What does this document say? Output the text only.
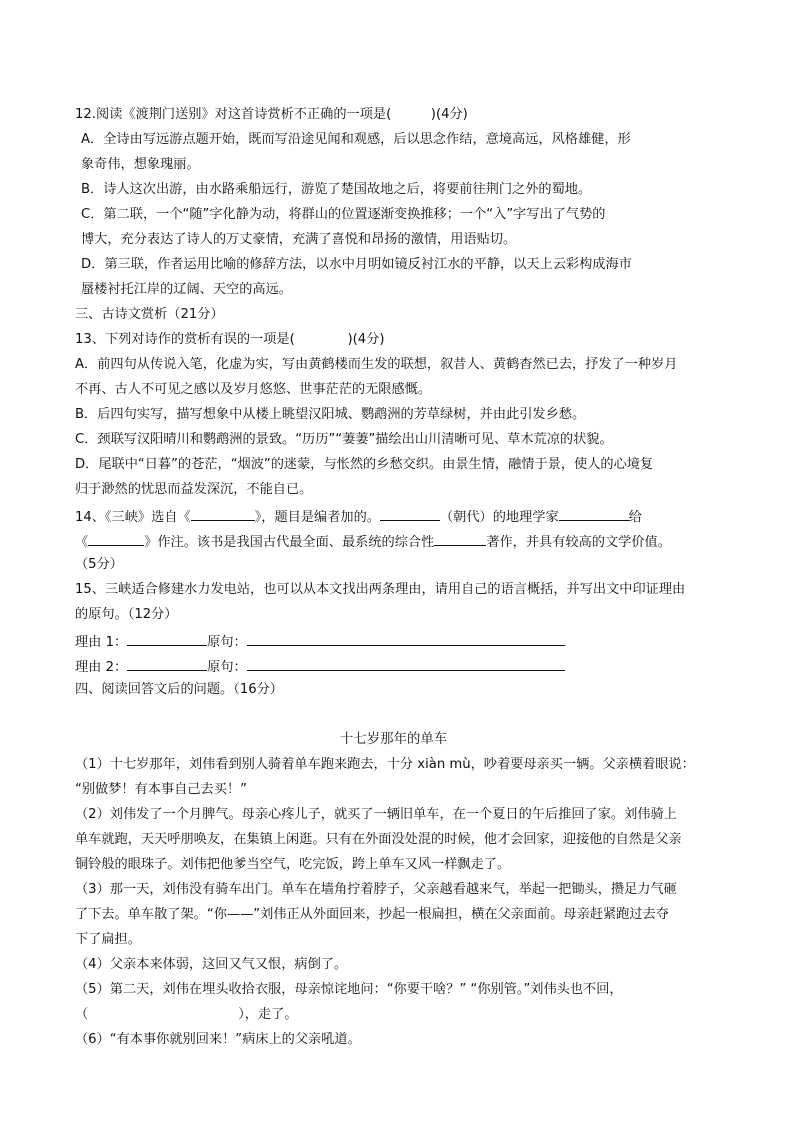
12.阅读《渡荆门送别》对这首诗赏析不正确的一项是(　　　)(4分)
A．全诗由写远游点题开始，既而写沿途见闻和观感，后以思念作结，意境高远，风格雄健，形
象奇伟，想象瑰丽。
B．诗人这次出游，由水路乘船远行，游览了楚国故地之后，将要前往荆门之外的蜀地。
C．第二联，一个“随”字化静为动，将群山的位置逐渐变换推移；一个“入”字写出了气势的
博大，充分表达了诗人的万丈豪情，充满了喜悦和昂扬的激情，用语贴切。
D．第三联，作者运用比喻的修辞方法，以水中月明如镜反衬江水的平静，以天上云彩构成海市
蜃楼衬托江岸的辽阔、天空的高远。
三、古诗文赏析（21分）
13、下列对诗作的赏析有误的一项是(　　　　)(4分)
A．前四句从传说入笔，化虚为实，写由黄鹤楼而生发的联想，叙昔人、黄鹤杳然已去，抒发了一种岁月
不再、古人不可见之感以及岁月悠悠、世事茫茫的无限感慨。
B．后四句实写，描写想象中从楼上眺望汉阳城、鹦鹉洲的芳草绿树，并由此引发乡愁。
C．颈联写汉阳晴川和鹦鹉洲的景致。“历历”“萋萋”描绘出山川清晰可见、草木荒凉的状貌。
D．尾联中“日暮”的苍茫，“烟波”的迷蒙，与怅然的乡愁交织。由景生情，融情于景，使人的心境复
归于渺然的忧思而益发深沉，不能自已。
14、《三峡》选自《	》，题目是编者加的。	（朝代）的地理学家	给
《	》作注。该书是我国古代最全面、最系统的综合性	著作，并具有较高的文学价值。
（5分）
15、三峡适合修建水力发电站，也可以从本文找出两条理由，请用自己的语言概括，并写出文中印证理由
的原句。（12分）
理由 1：	原句：
理由 2：	原句：
四、阅读回答文后的问题。（16分）
十七岁那年的单车
（1）十七岁那年，刘伟看到别人骑着单车跑来跑去，十分 xiàn mù，吵着要母亲买一辆。父亲横着眼说：
“别做梦！有本事自己去买！”
（2）刘伟发了一个月脾气。母亲心疼儿子，就买了一辆旧单车，在一个夏日的午后推回了家。刘伟骑上
单车就跑，天天呼朋唤友，在集镇上闲逛。只有在外面没处混的时候，他才会回家，迎接他的自然是父亲
铜铃般的眼珠子。刘伟把他爹当空气，吃完饭，跨上单车又风一样飘走了。
（3）那一天，刘伟没有骑车出门。单车在墙角拧着脖子，父亲越看越来气，举起一把锄头，攒足力气砸
了下去。单车散了架。“你——”刘伟正从外面回来，抄起一根扁担，横在父亲面前。母亲赶紧跑过去夺
下了扁担。
（4）父亲本来体弱，这回又气又恨，病倒了。
（5）第二天，刘伟在埋头收拾衣服，母亲惊诧地问：“你要干啥？” “你别管。”刘伟头也不回，
（	），走了。
（6）“有本事你就别回来！”病床上的父亲吼道。
